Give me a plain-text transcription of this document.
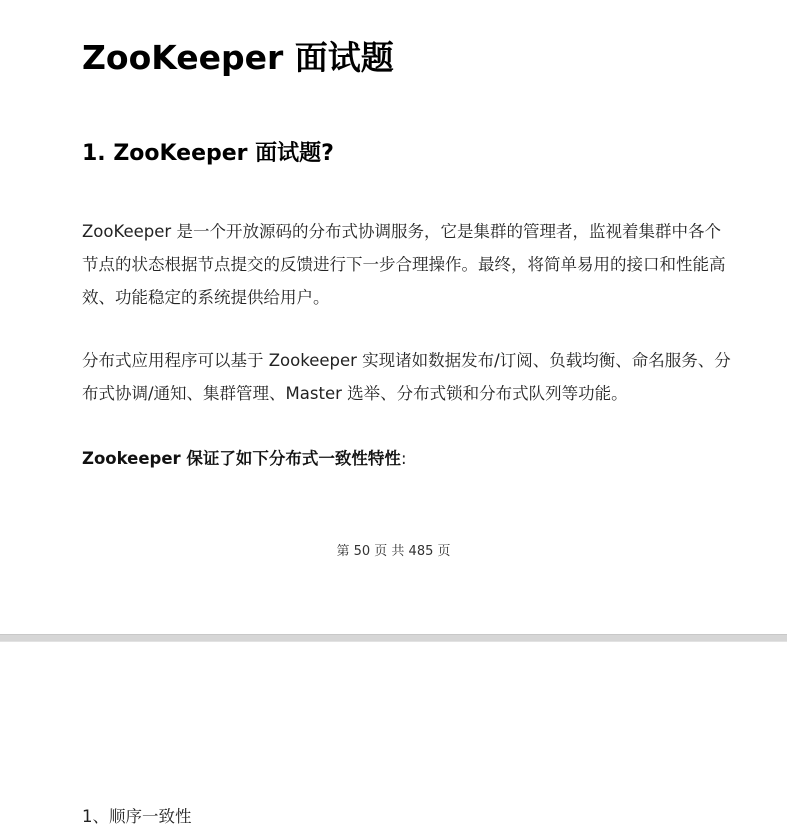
ZooKeeper 面试题
1. ZooKeeper 面试题?

ZooKeeper 是一个开放源码的分布式协调服务，它是集群的管理者，监视着集群中各个节点的状态根据节点提交的反馈进行下一步合理操作。最终，将简单易用的接口和性能高效、功能稳定的系统提供给用户。

分布式应用程序可以基于 Zookeeper 实现诸如数据发布/订阅、负载均衡、命名服务、分布式协调/通知、集群管理、Master 选举、分布式锁和分布式队列等功能。

Zookeeper 保证了如下分布式一致性特性:

第 50 页 共 485 页

1、顺序一致性
